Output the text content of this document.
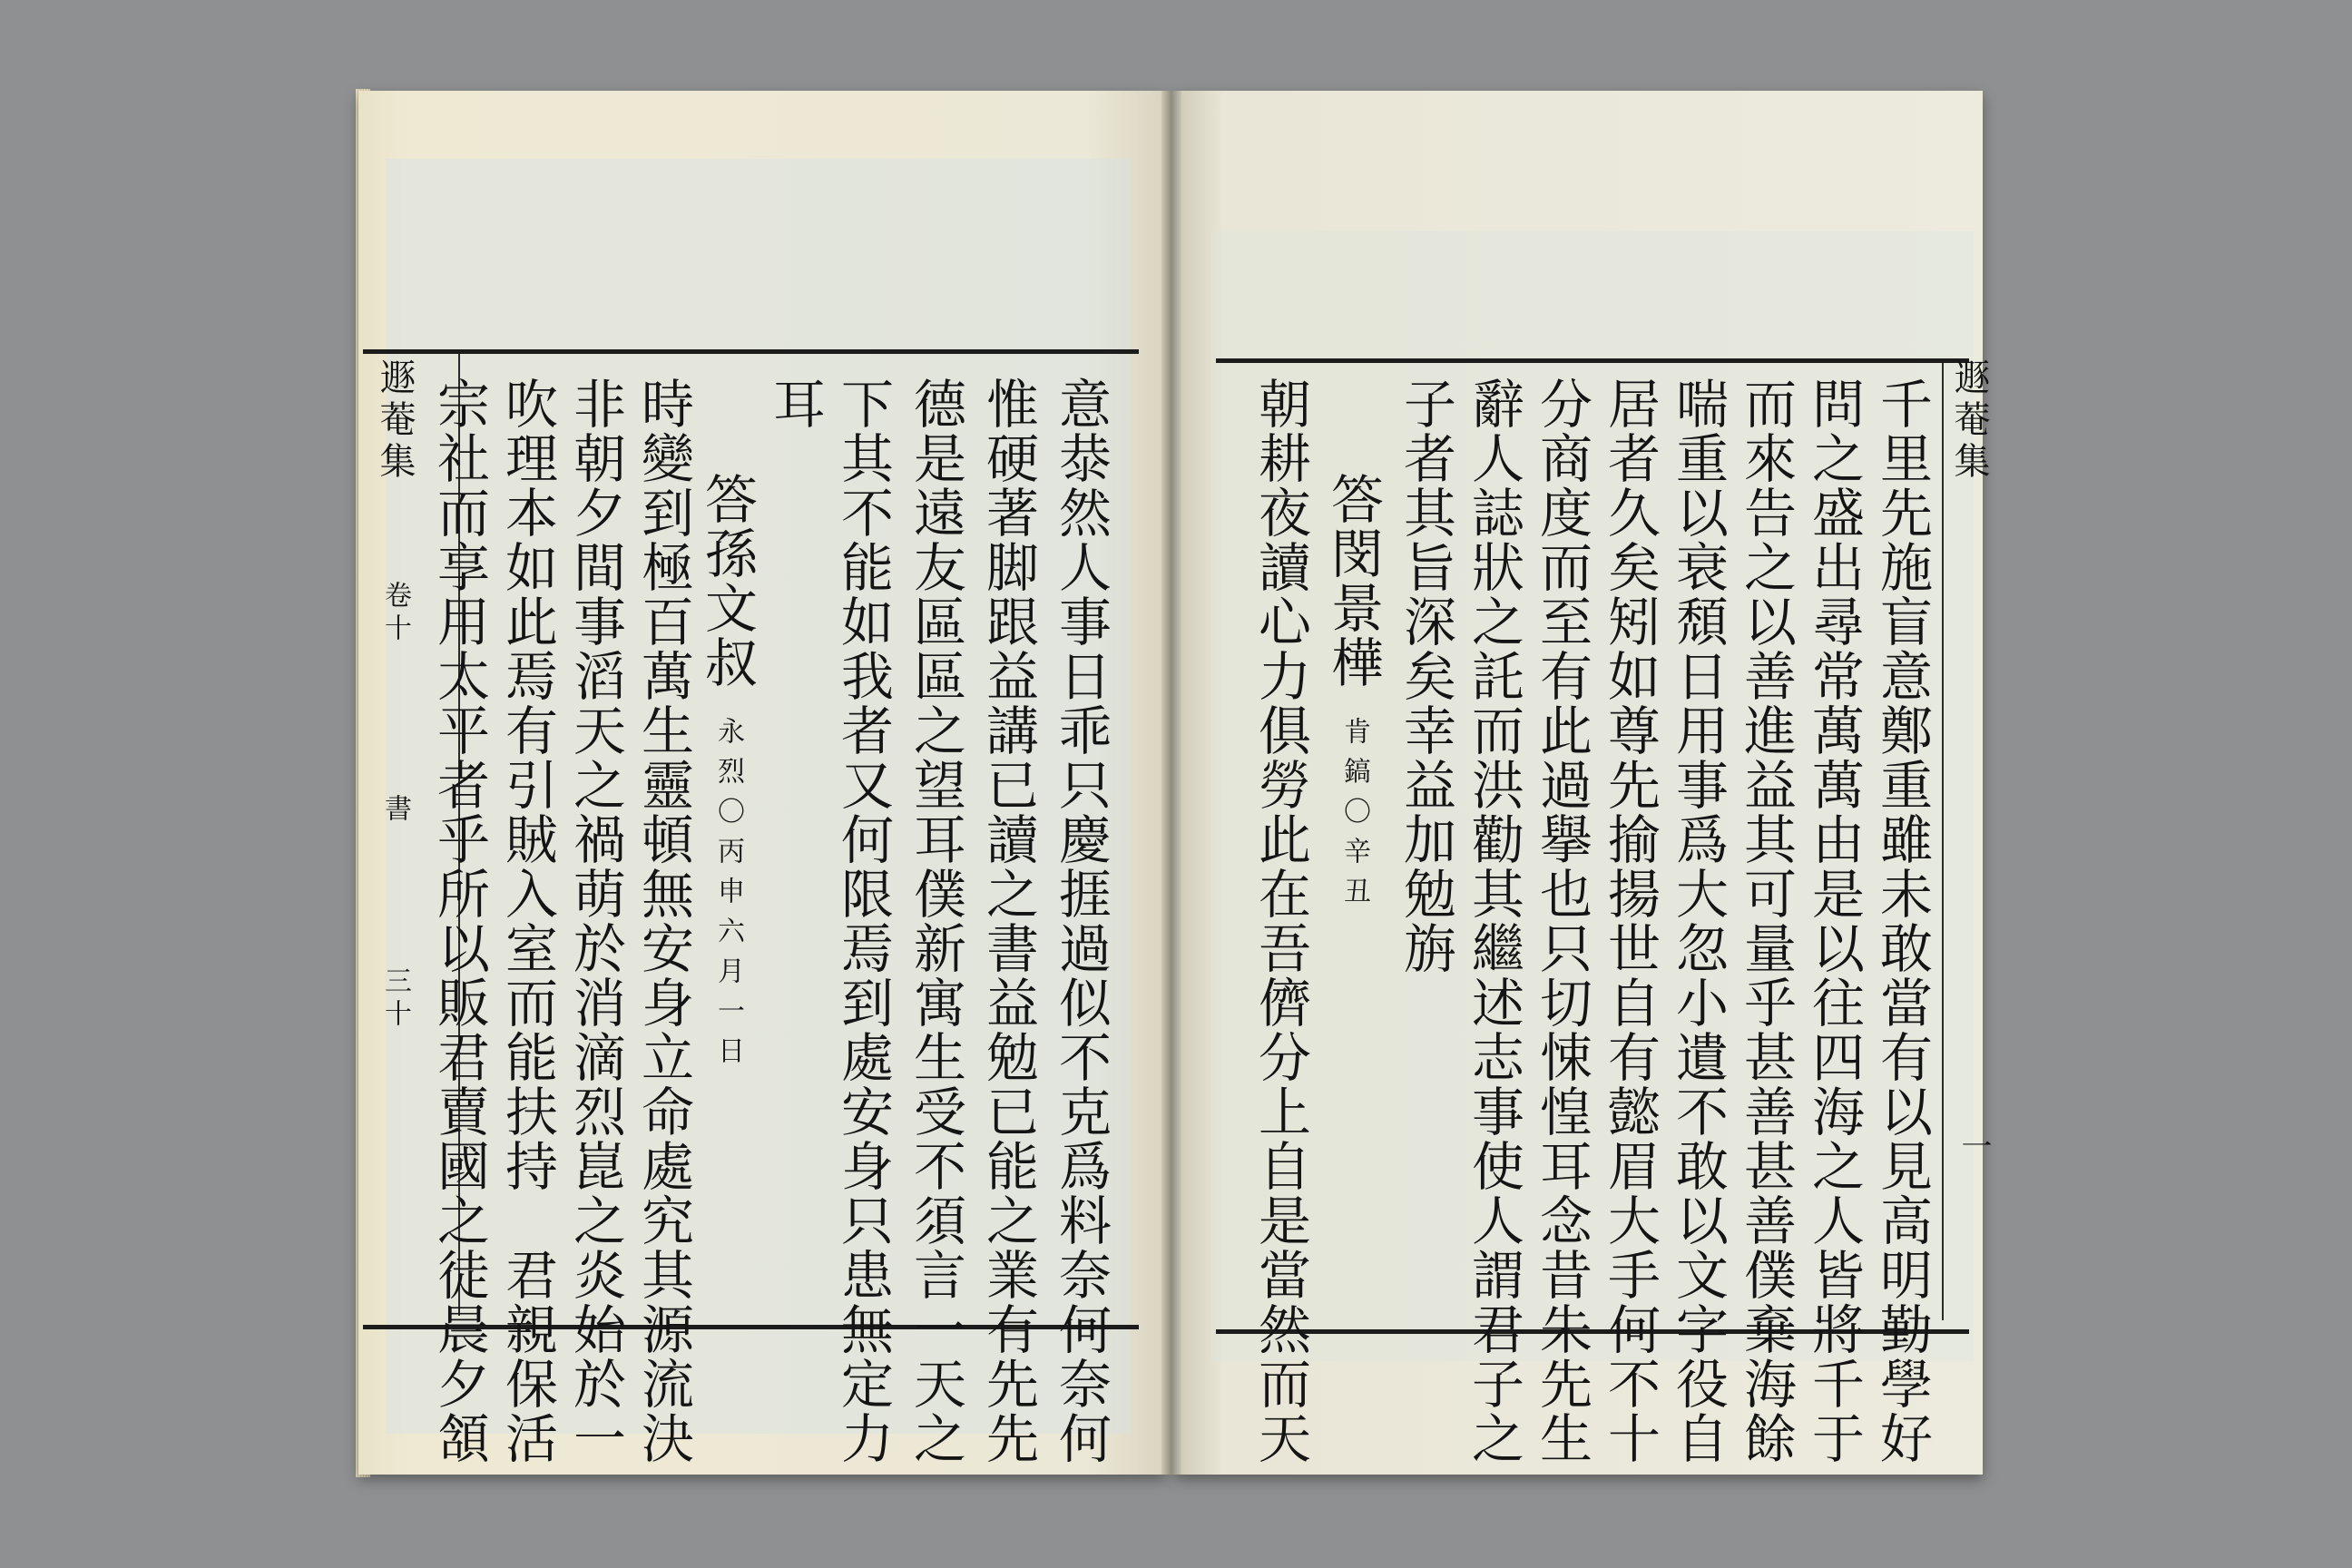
遯菴集
卷十
書
三十	意㳟然人事日乖只慶捱過似不克爲料奈何奈何
惟硬著脚跟益講已讀之書益勉已能之業有先先
德是遠友區區之望耳僕新寓生受不須言一天之
下其不能如我者又何限焉到處安身只患無定力
耳
答孫文叔
永烈〇丙申六月一日
時變到極百萬生靈頓無安身立命處究其源流決
非朝夕間事滔天之禍萌於消滴烈崑之炎始於一
吹理本如此焉有引賊入室而能扶持　君親保活
宗社而享用太平者乎所以販君賣國之徒晨夕頷	遯菴集
一
千里先施盲意鄭重雖未敢當有以見高明勤學好
問之盛出尋常萬萬由是以往四海之人皆將千于
而來告之以善進益其可量乎甚善甚善僕棄海餘
喘重以衰頹日用事爲大忽小遺不敢以文字役自
居者久矣矧如尊先揄揚世自有懿眉大手何不十
分商度而至有此過擧也只切悚惶耳念昔朱先生
辭人誌狀之託而洪勸其繼述志事使人謂君子之
子者其旨深矣幸益加勉旃
答閔景樺
肯鎬〇辛丑
朝耕夜讀心力俱勞此在吾儕分上自是當然而天
